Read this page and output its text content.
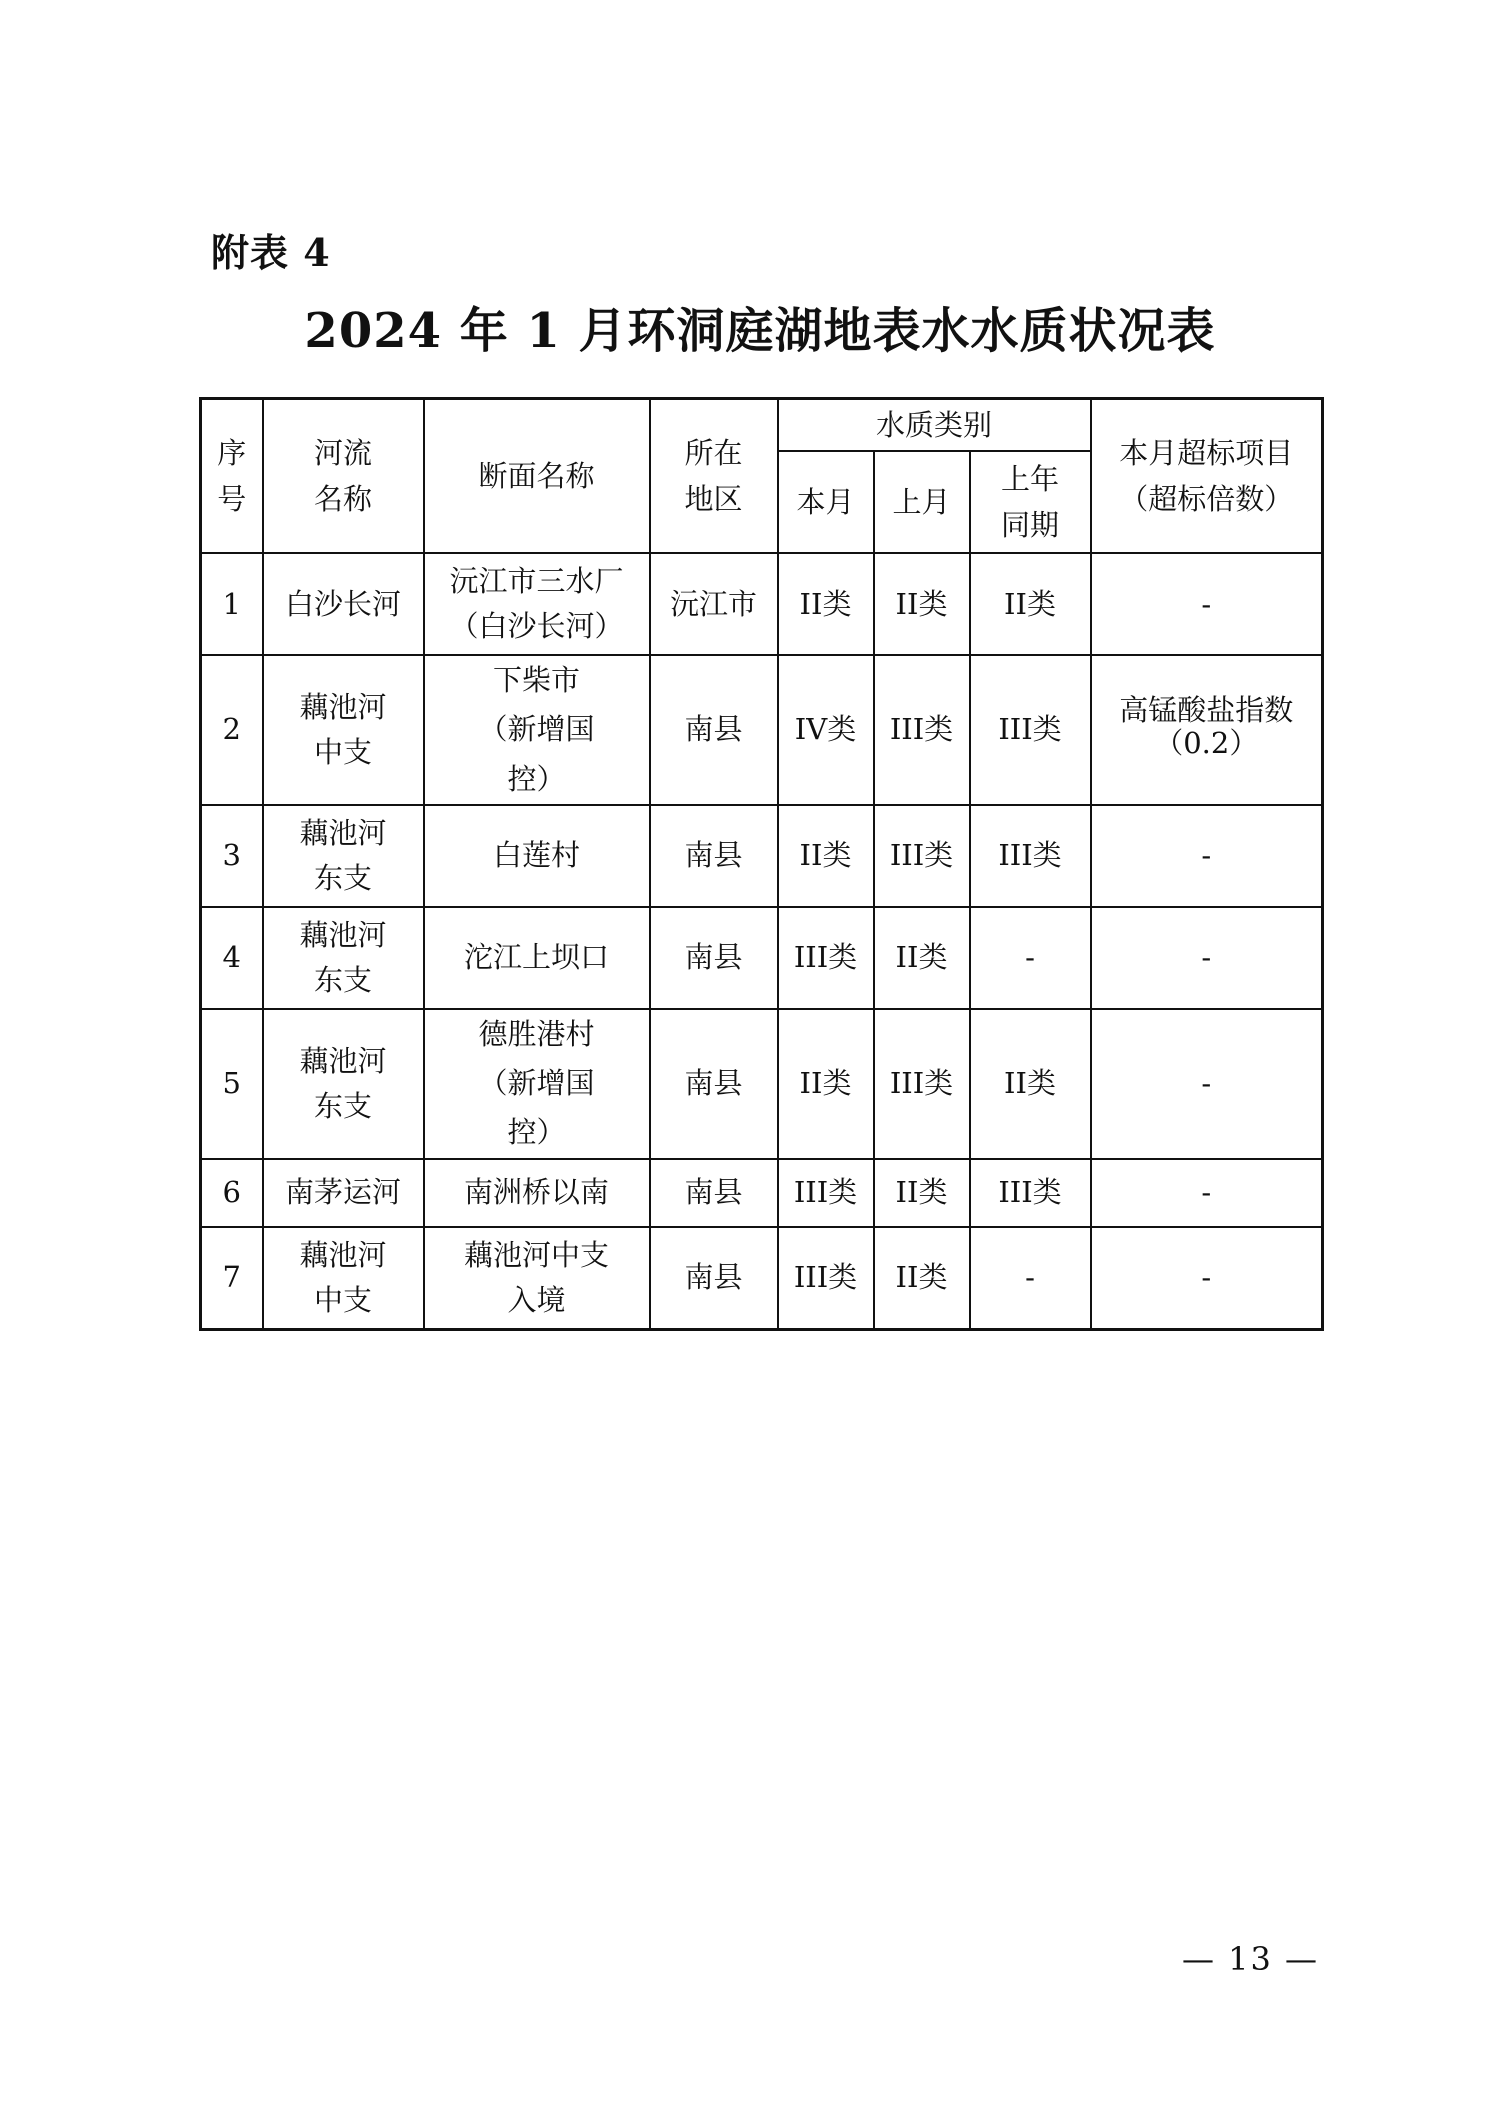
附表 4
2024 年 1 月环洞庭湖地表水水质状况表
序号	河流名称	断面名称	所在地区	水质类别			本月超标项目（超标倍数）
				本月	上月	上年同期	
1	白沙长河	沅江市三水厂（白沙长河）	沅江市	II类	II类	II类	-
2	藕池河中支	下柴市（新增国控）	南县	IV类	III类	III类	高锰酸盐指数（0.2）
3	藕池河东支	白莲村	南县	II类	III类	III类	-
4	藕池河东支	沱江上坝口	南县	III类	II类	-	-
5	藕池河东支	德胜港村（新增国控）	南县	II类	III类	II类	-
6	南茅运河	南洲桥以南	南县	III类	II类	III类	-
7	藕池河中支	藕池河中支入境	南县	III类	II类	-	-
— 13 —
